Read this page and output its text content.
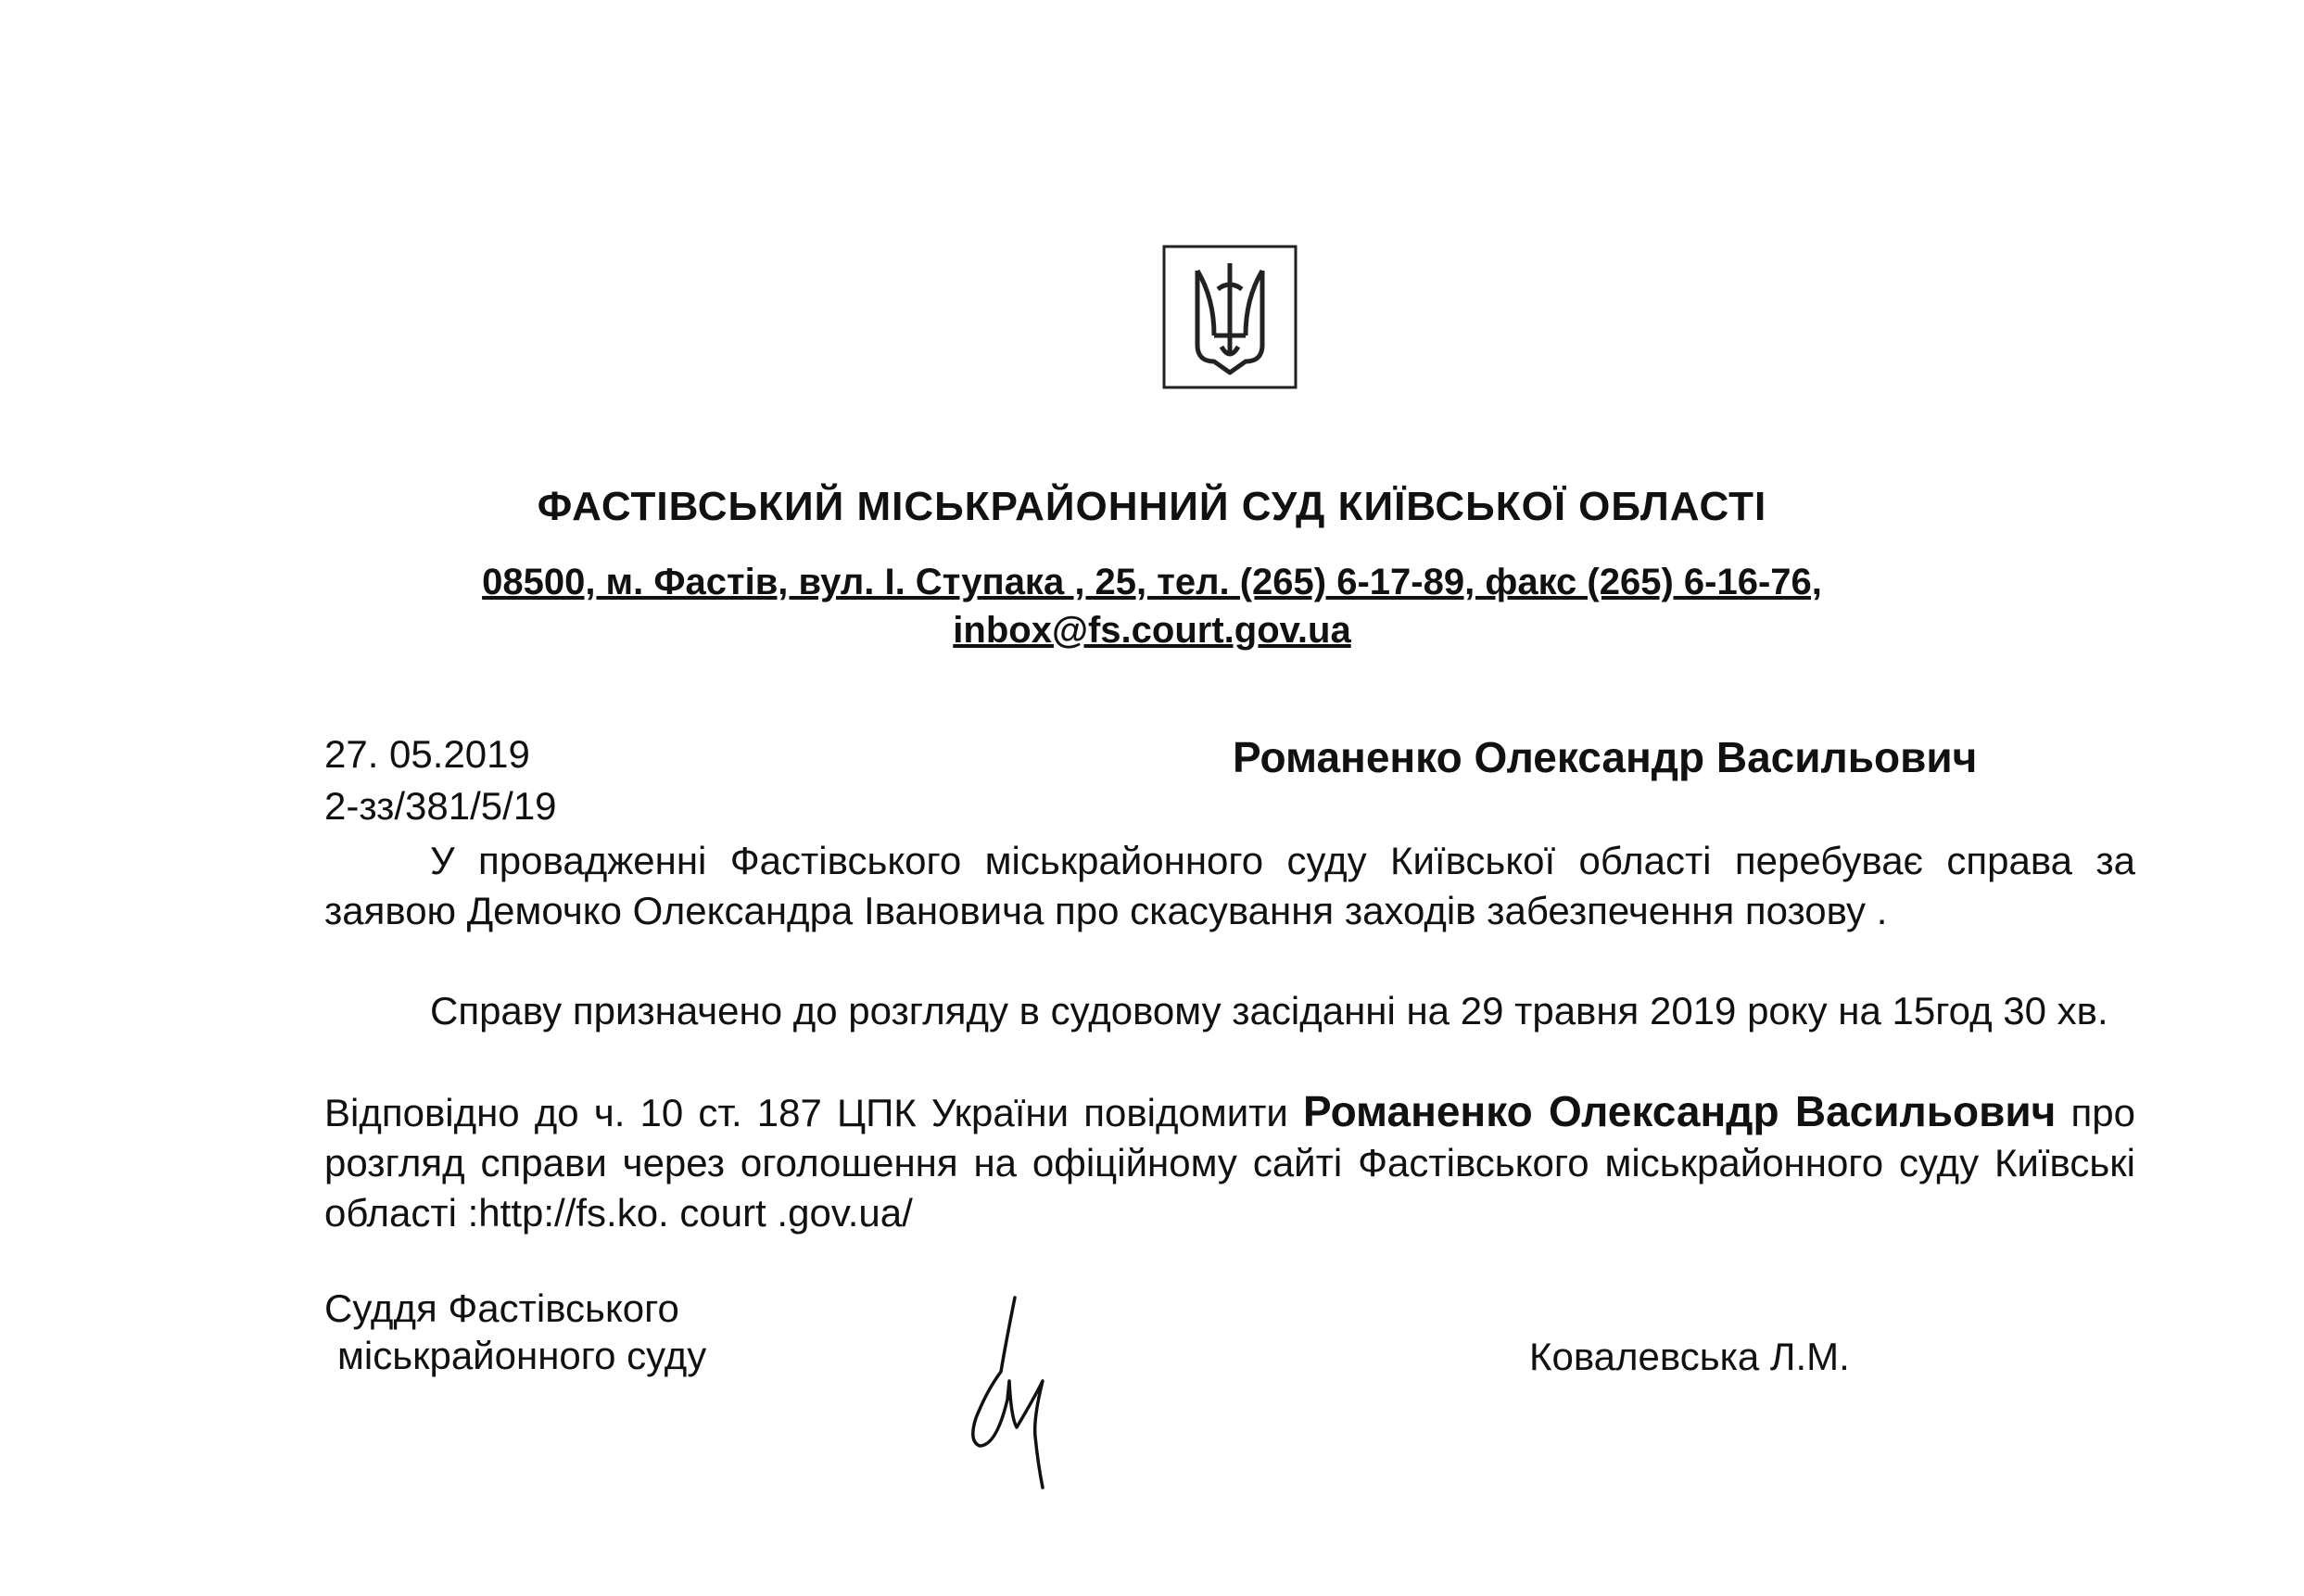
ФАСТІВСЬКИЙ МІСЬКРАЙОННИЙ СУД КИЇВСЬКОЇ ОБЛАСТІ
08500, м. Фастів, вул. І. Ступака , 25, тел. (265) 6-17-89, факс (265) 6-16-76,
inbox@fs.court.gov.ua
27. 05.2019
2-зз/381/5/19
Романенко Олександр Васильович
У провадженні Фастівського міськрайонного суду Київської області перебуває справа за заявою Демочко Олександра Івановича про скасування заходів забезпечення позову .
Справу призначено до розгляду в судовому засіданні на 29 травня 2019 року на 15год 30 хв.
Відповідно до ч. 10 ст. 187 ЦПК України повідомити Романенко Олександр Васильович про розгляд справи через оголошення на офіційному сайті Фастівського міськрайонного суду Київські області :http://fs.ko. court .gov.ua/
Суддя Фастівського
міськрайонного суду	Ковалевська Л.М.
